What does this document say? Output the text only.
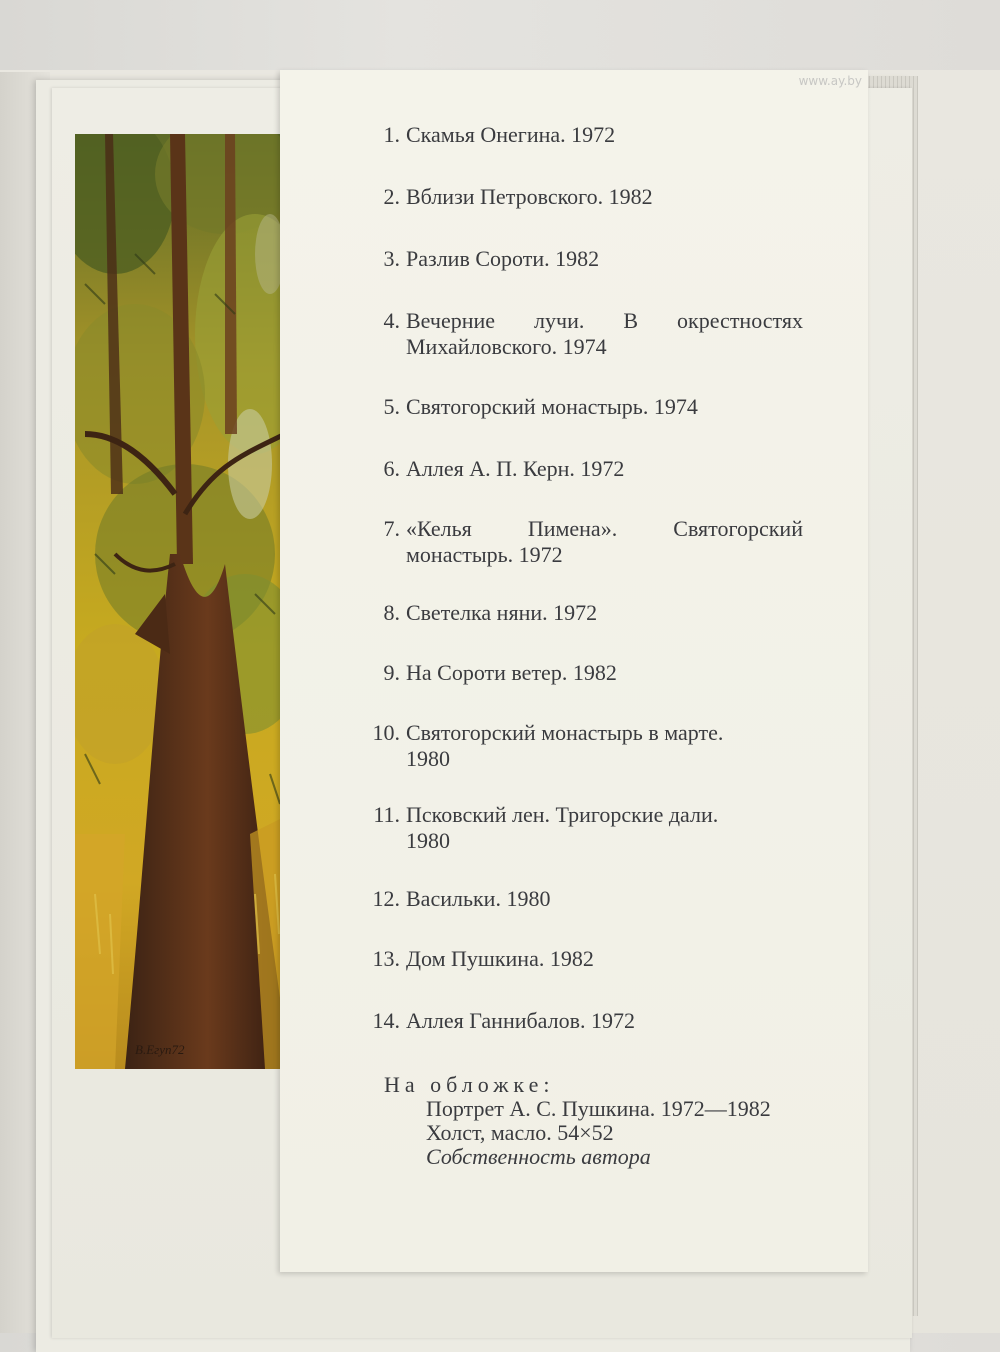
В.Егуп72
www.ay.by
1. Скамья Онегина. 1972
2. Вблизи Петровского. 1982
3. Разлив Сороти. 1982
4. Вечерние лучи. В окрестностях
Михайловского. 1974
5. Святогорский монастырь. 1974
6. Аллея А. П. Керн. 1972
7. «Келья	Пимена».	Святогорский
монастырь. 1972
8. Светелка няни. 1972
9. На Сороти ветер. 1982
10. Святогорский монастырь в марте.
1980
11. Псковский лен. Тригорские дали.
1980
12. Васильки. 1980
13. Дом Пушкина. 1982
14. Аллея Ганнибалов. 1972
На обложке:
Портрет А. С. Пушкина. 1972—1982
Холст, масло. 54×52
Собственность автора
